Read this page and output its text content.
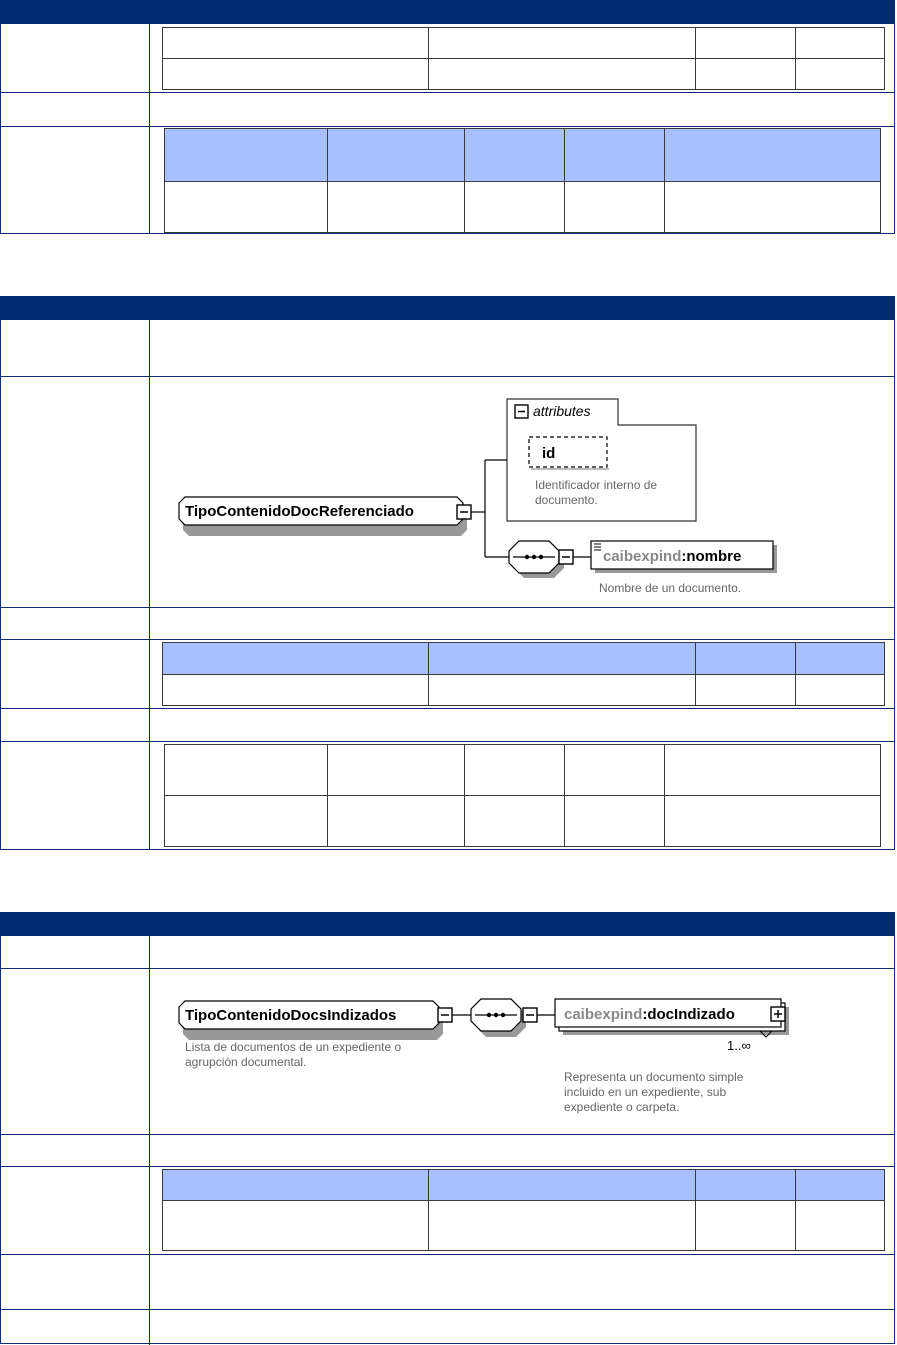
attributes
id
Identificador interno de
documento.
TipoContenidoDocReferenciado
caibexpind:nombre
Nombre de un documento.

TipoContenidoDocsIndizados
Lista de documentos de un expediente o
agrupción documental.
caibexpind:docIndizado
1..∞
Representa un documento simple
incluido en un expediente, sub
expediente o carpeta.
